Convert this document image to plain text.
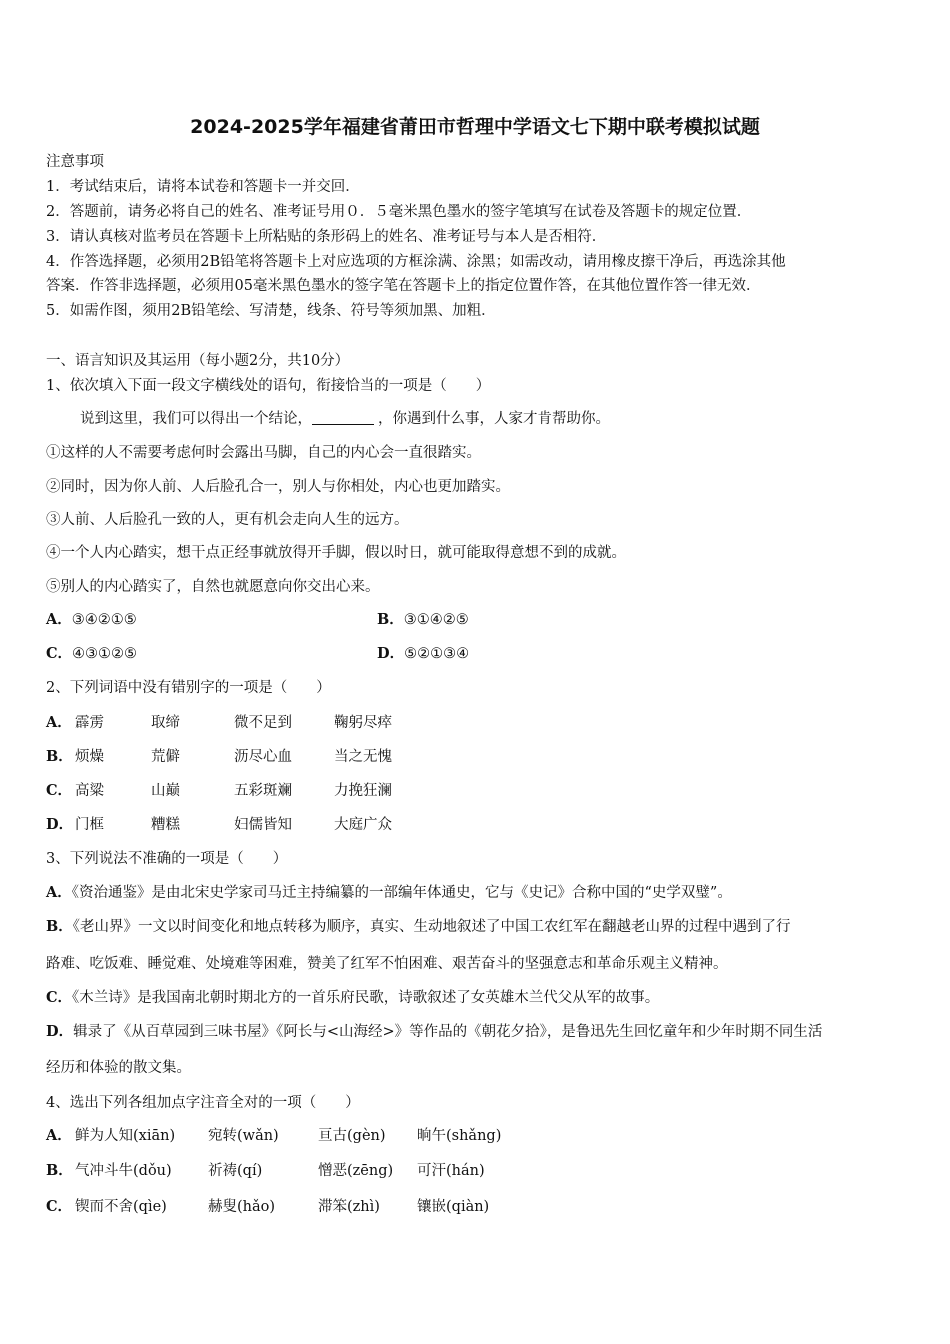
2024-2025学年福建省莆田市哲理中学语文七下期中联考模拟试题
注意事项
1．考试结束后，请将本试卷和答题卡一并交回．
2．答题前，请务必将自己的姓名、准考证号用０．５毫米黑色墨水的签字笔填写在试卷及答题卡的规定位置．
3．请认真核对监考员在答题卡上所粘贴的条形码上的姓名、准考证号与本人是否相符．
4．作答选择题，必须用2B铅笔将答题卡上对应选项的方框涂满、涂黑；如需改动，请用橡皮擦干净后，再选涂其他
答案．作答非选择题，必须用05毫米黑色墨水的签字笔在答题卡上的指定位置作答，在其他位置作答一律无效．
5．如需作图，须用2B铅笔绘、写清楚，线条、符号等须加黑、加粗．
一、语言知识及其运用（每小题2分，共10分）
1、依次填入下面一段文字横线处的语句，衔接恰当的一项是（　　）
说到这里，我们可以得出一个结论，	，你遇到什么事，人家才肯帮助你。
①这样的人不需要考虑何时会露出马脚，自己的内心会一直很踏实。
②同时，因为你人前、人后脸孔合一，别人与你相处，内心也更加踏实。
③人前、人后脸孔一致的人，更有机会走向人生的远方。
④一个人内心踏实，想干点正经事就放得开手脚，假以时日，就可能取得意想不到的成就。
⑤别人的内心踏实了，自然也就愿意向你交出心来。
A．③④②①⑤	B．③①④②⑤
C．④③①②⑤	D．⑤②①③④
2、下列词语中没有错别字的一项是（　　）
A． 霹雳	取缔	微不足到	鞠躬尽瘁
B． 烦燥	荒僻	沥尽心血	当之无愧
C． 高粱	山巅	五彩斑斓	力挽狂澜
D． 门框	糟糕	妇儒皆知	大庭广众
3、下列说法不准确的一项是（　　）
A．《资治通鉴》是由北宋史学家司马迁主持编纂的一部编年体通史，它与《史记》合称中国的“史学双璧”。
B．《老山界》一文以时间变化和地点转移为顺序，真实、生动地叙述了中国工农红军在翻越老山界的过程中遇到了行
路难、吃饭难、睡觉难、处境难等困难，赞美了红军不怕困难、艰苦奋斗的坚强意志和革命乐观主义精神。
C．《木兰诗》是我国南北朝时期北方的一首乐府民歌，诗歌叙述了女英雄木兰代父从军的故事。
D．辑录了《从百草园到三味书屋》《阿长与<山海经>》等作品的《朝花夕拾》，是鲁迅先生回忆童年和少年时期不同生活
经历和体验的散文集。
4、选出下列各组加点字注音全对的一项（　　）
A． 鲜为人知(xiān) 宛转(wǎn)	亘古(gèn) 晌午(shǎng)
B． 气冲斗牛(dǒu)	祈祷(qí)	憎恶(zēng) 可汗(hán)
C． 锲而不舍(qìe)	赫叟(hǎo)	滞笨(zhì)	镶嵌(qiàn)
